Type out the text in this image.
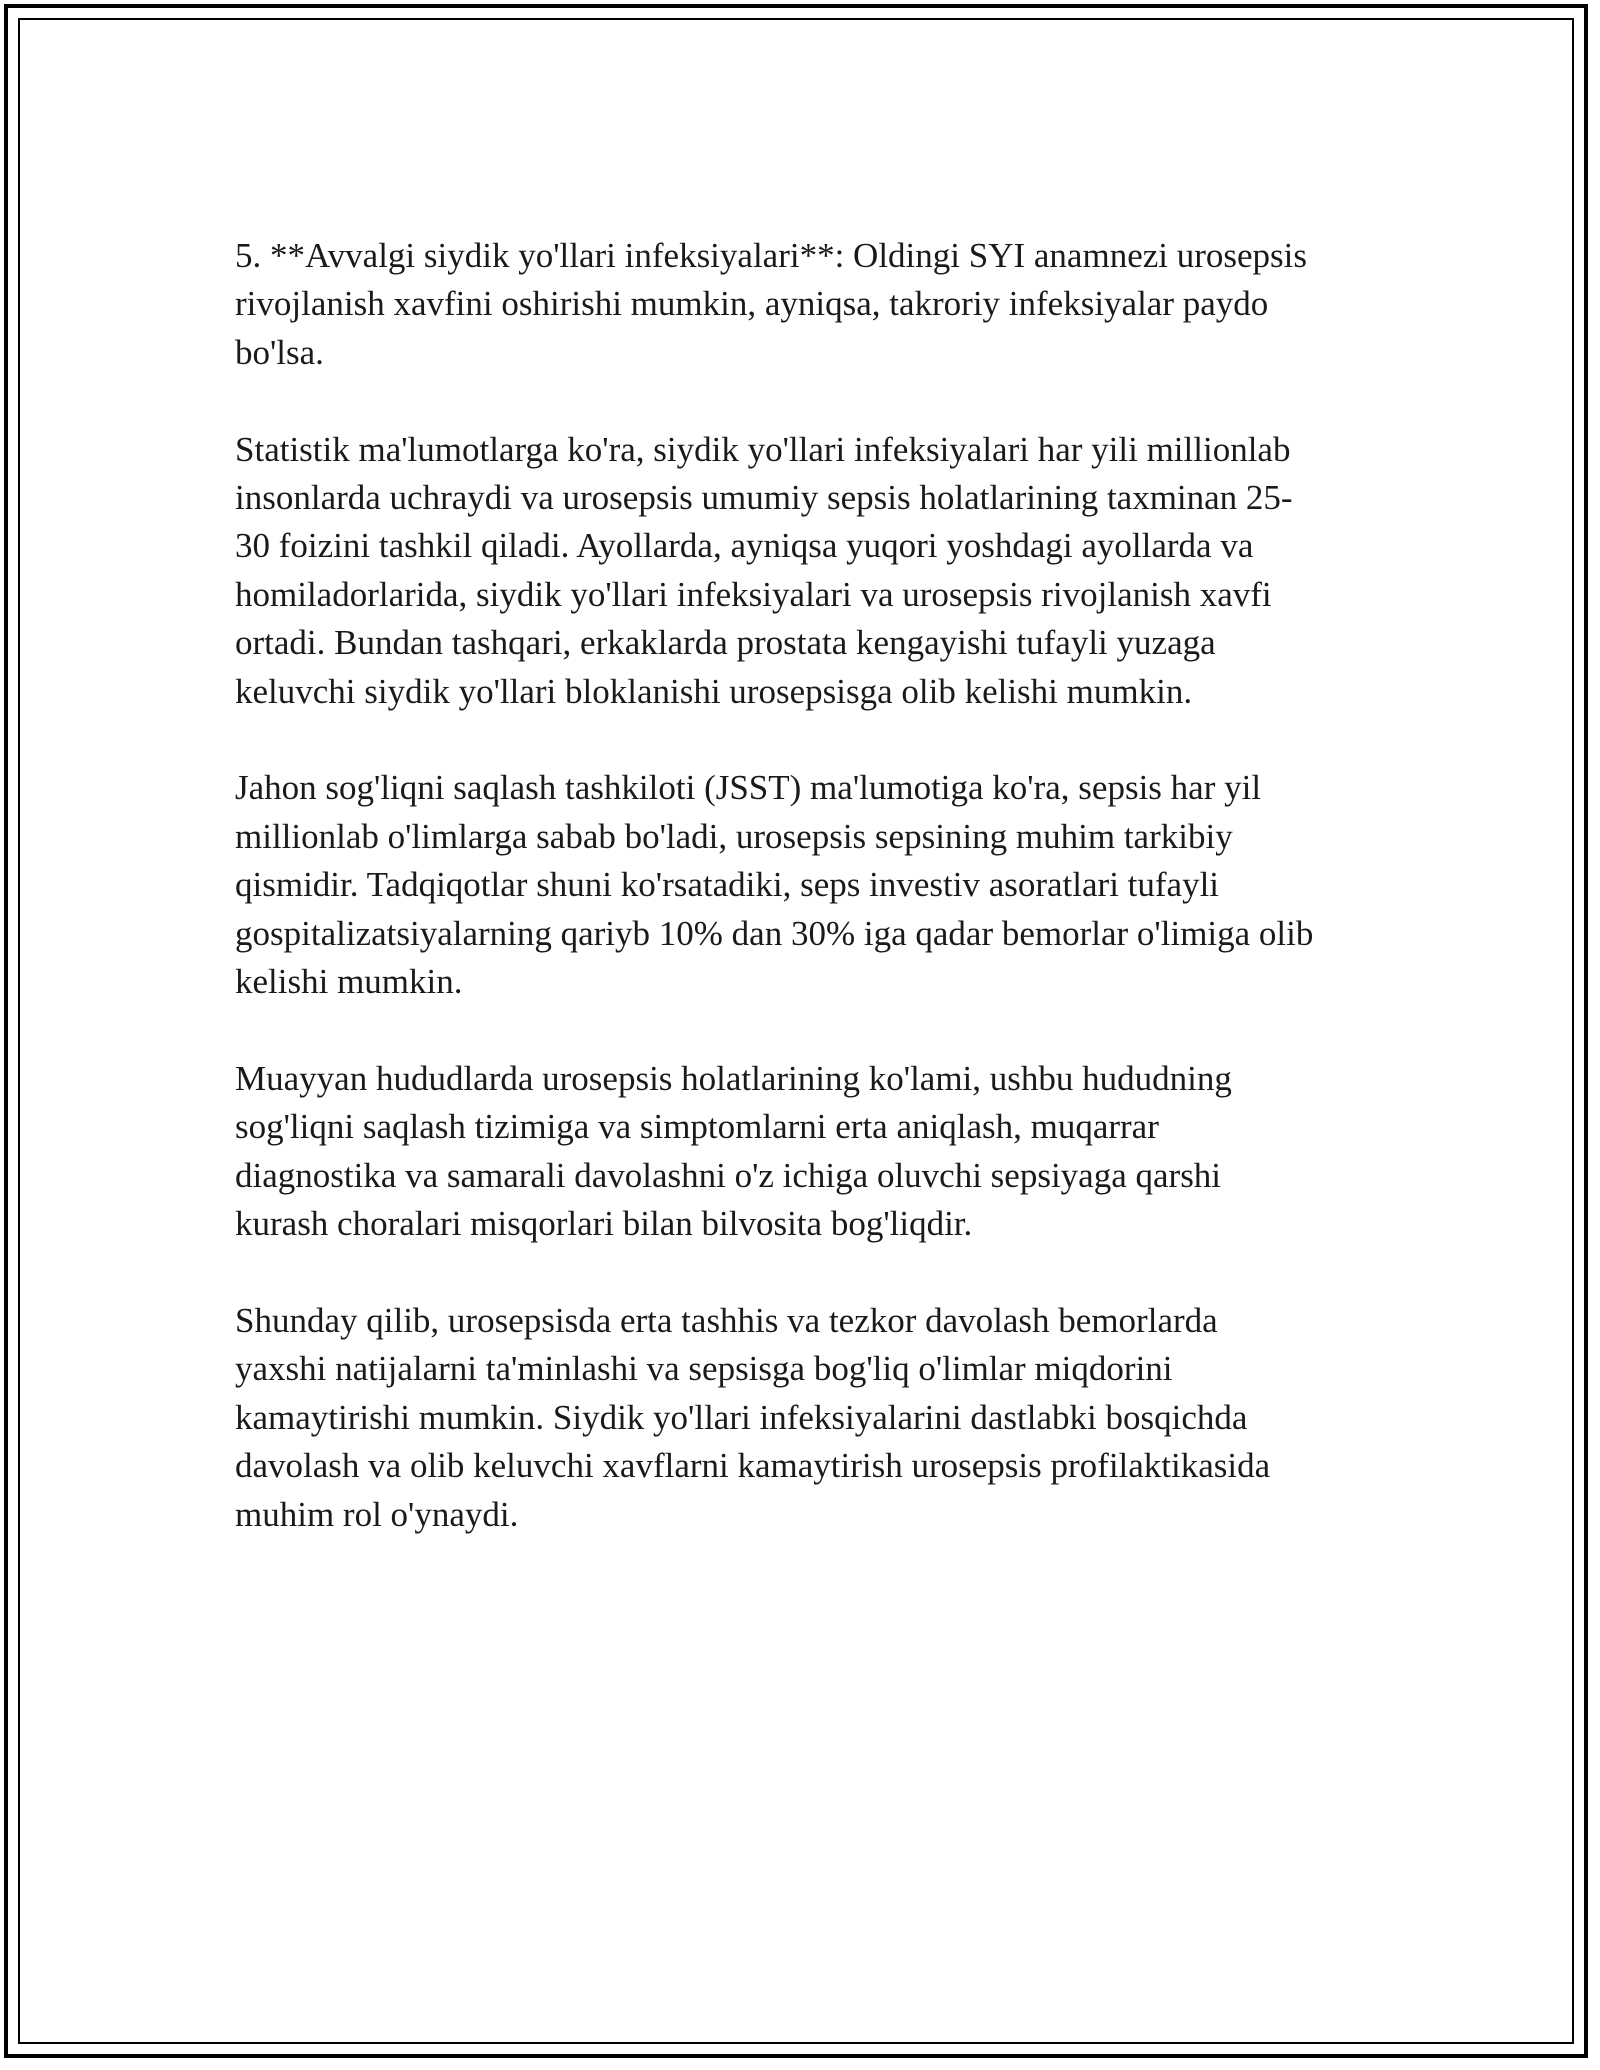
5. **Avvalgi siydik yo'llari infeksiyalari**: Oldingi SYI anamnezi urosepsis
rivojlanish xavfini oshirishi mumkin, ayniqsa, takroriy infeksiyalar paydo
bo'lsa.

Statistik ma'lumotlarga ko'ra, siydik yo'llari infeksiyalari har yili millionlab
insonlarda uchraydi va urosepsis umumiy sepsis holatlarining taxminan 25-
30 foizini tashkil qiladi. Ayollarda, ayniqsa yuqori yoshdagi ayollarda va
homiladorlarida, siydik yo'llari infeksiyalari va urosepsis rivojlanish xavfi
ortadi. Bundan tashqari, erkaklarda prostata kengayishi tufayli yuzaga
keluvchi siydik yo'llari bloklanishi urosepsisga olib kelishi mumkin.

Jahon sog'liqni saqlash tashkiloti (JSST) ma'lumotiga ko'ra, sepsis har yil
millionlab o'limlarga sabab bo'ladi, urosepsis sepsining muhim tarkibiy
qismidir. Tadqiqotlar shuni ko'rsatadiki, seps investiv asoratlari tufayli
gospitalizatsiyalarning qariyb 10% dan 30% iga qadar bemorlar o'limiga olib
kelishi mumkin.

Muayyan hududlarda urosepsis holatlarining ko'lami, ushbu hududning
sog'liqni saqlash tizimiga va simptomlarni erta aniqlash, muqarrar
diagnostika va samarali davolashni o'z ichiga oluvchi sepsiyaga qarshi
kurash choralari misqorlari bilan bilvosita bog'liqdir.

Shunday qilib, urosepsisda erta tashhis va tezkor davolash bemorlarda
yaxshi natijalarni ta'minlashi va sepsisga bog'liq o'limlar miqdorini
kamaytirishi mumkin. Siydik yo'llari infeksiyalarini dastlabki bosqichda
davolash va olib keluvchi xavflarni kamaytirish urosepsis profilaktikasida
muhim rol o'ynaydi.
